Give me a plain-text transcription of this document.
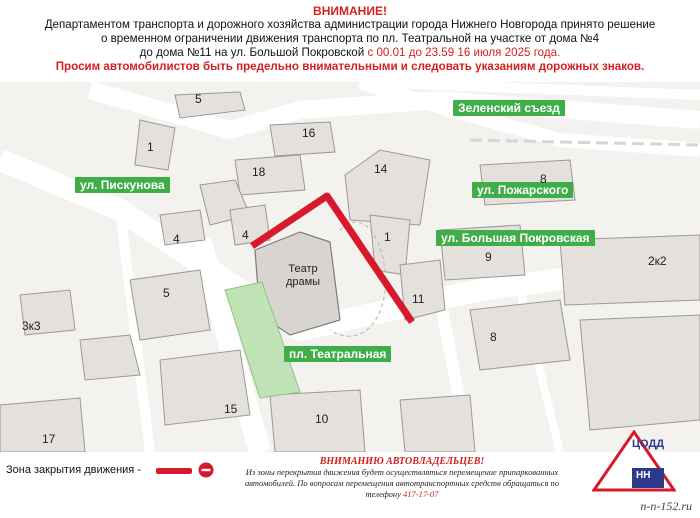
ВНИМАНИЕ!
Департаментом транспорта и дорожного хозяйства администрации города Нижнего Новгорода принято решение
о временном ограничении движения транспорта по пл. Театральной на участке от дома №4
до дома №11 на ул. Большой Покровской с 00.01 до 23.59 16 июля 2025 года.
Просим автомобилистов быть предельно внимательными и следовать указаниям дорожных знаков.
Зеленский съезд
ул. Пискунова	ул. Пожарского
ул. Большая Покровская
пл. Театральная
Театр драмы
5
1
16
18	14
8
4	4	1
9	2к2
5
3к3
11
8
15
10
17
Зона закрытия движения -
ВНИМАНИЮ АВТОВЛАДЕЛЬЦЕВ!
Из зоны перекрытия движения будет осуществляться перемещение припаркованных
автомобилей. По вопросам перемещения автотранспортных средств обращаться по
телефону 417-17-07
ЦОДД
НН
n-n-152.ru
